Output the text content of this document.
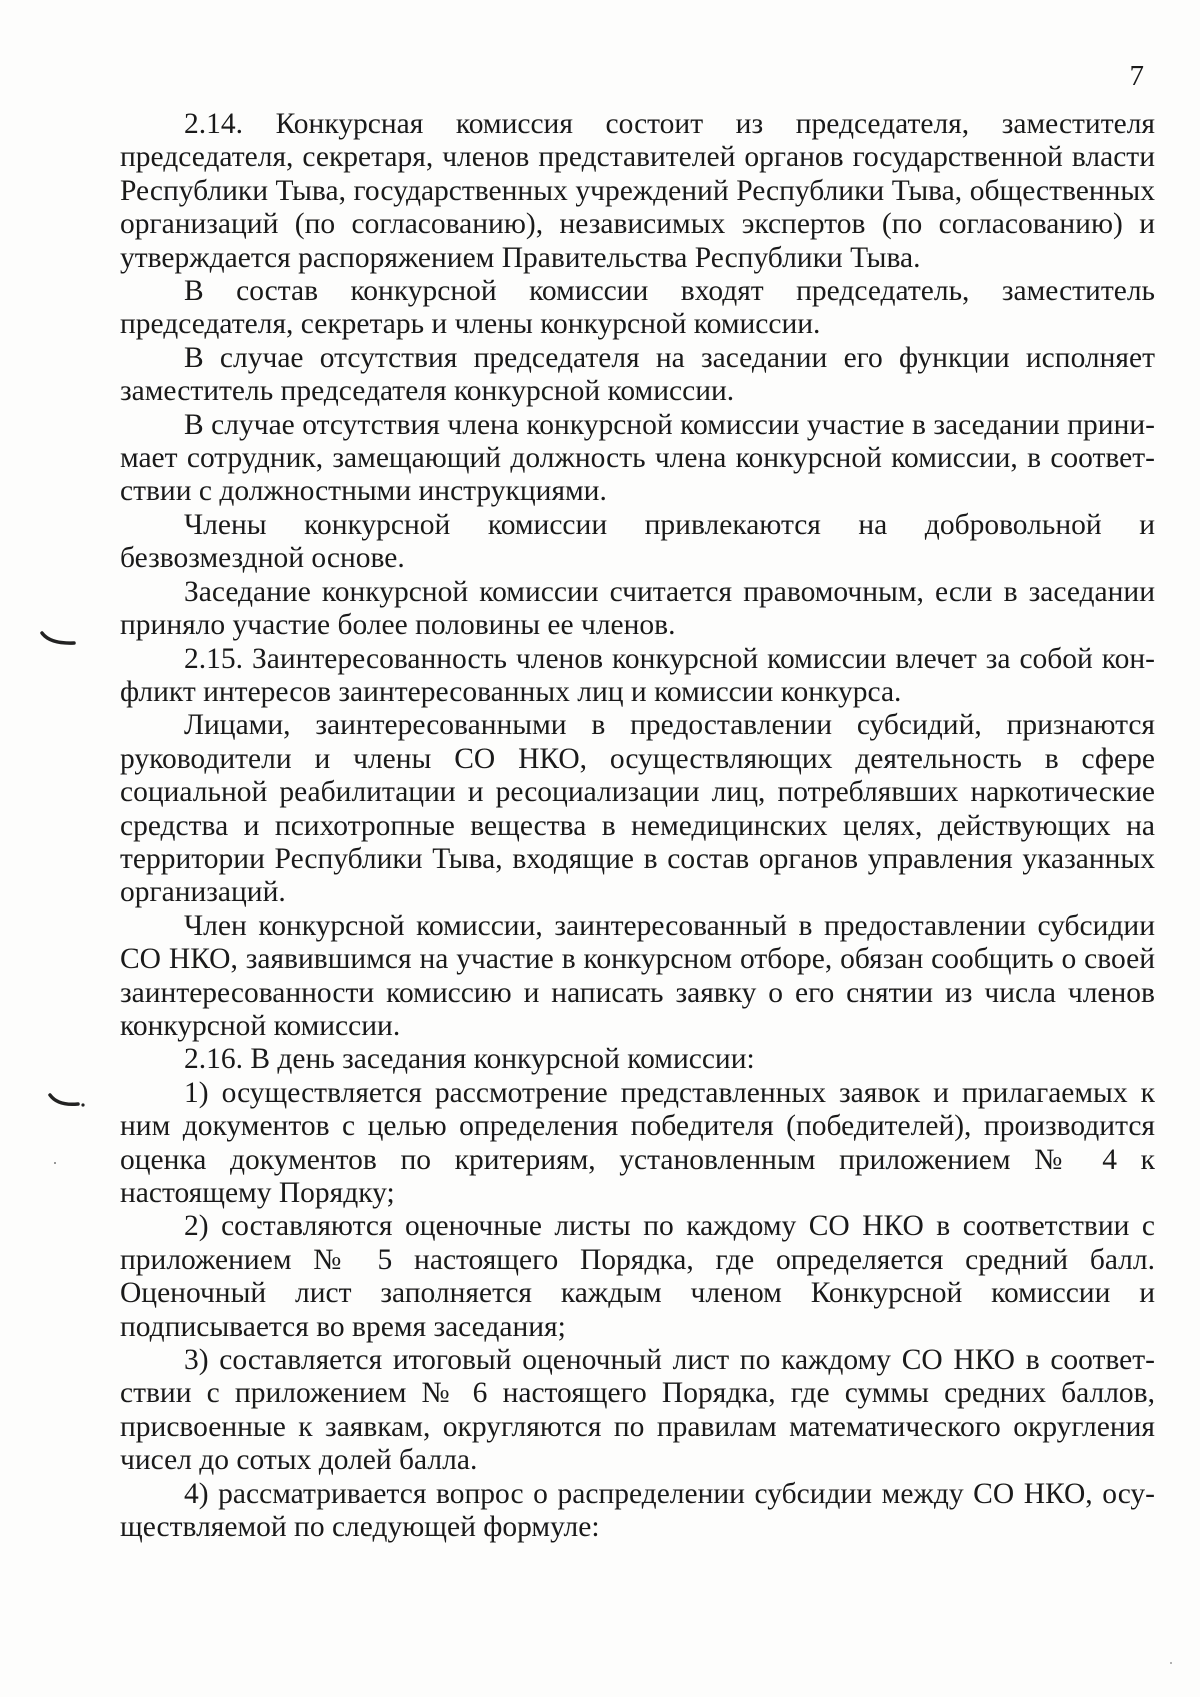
7

2.14. Конкурсная комиссия состоит из председателя, заместителя председателя, секретаря, членов представителей органов государственной власти Республики Тыва, государственных учреждений Республики Тыва, общественных организаций (по согласованию), независимых экспертов (по согласованию) и утверждается распоряжением Правительства Республики Тыва.

В состав конкурсной комиссии входят председатель, заместитель председателя, секретарь и члены конкурсной комиссии.

В случае отсутствия председателя на заседании его функции исполняет заместитель председателя конкурсной комиссии.

В случае отсутствия члена конкурсной комиссии участие в заседании принимает сотрудник, замещающий должность члена конкурсной комиссии, в соответствии с должностными инструкциями.

Члены конкурсной комиссии привлекаются на добровольной и безвозмездной основе.

Заседание конкурсной комиссии считается правомочным, если в заседании приняло участие более половины ее членов.

2.15. Заинтересованность членов конкурсной комиссии влечет за собой конфликт интересов заинтересованных лиц и комиссии конкурса.

Лицами, заинтересованными в предоставлении субсидий, признаются руководители и члены СО НКО, осуществляющих деятельность в сфере социальной реабилитации и ресоциализации лиц, потреблявших наркотические средства и психотропные вещества в немедицинских целях, действующих на территории Республики Тыва, входящие в состав органов управления указанных организаций.

Член конкурсной комиссии, заинтересованный в предоставлении субсидии СО НКО, заявившимся на участие в конкурсном отборе, обязан сообщить о своей заинтересованности комиссию и написать заявку о его снятии из числа членов конкурсной комиссии.

2.16. В день заседания конкурсной комиссии:

1) осуществляется рассмотрение представленных заявок и прилагаемых к ним документов с целью определения победителя (победителей), производится оценка документов по критериям, установленным приложением № 4 к настоящему Порядку;

2) составляются оценочные листы по каждому СО НКО в соответствии с приложением № 5 настоящего Порядка, где определяется средний балл. Оценочный лист заполняется каждым членом Конкурсной комиссии и подписывается во время заседания;

3) составляется итоговый оценочный лист по каждому СО НКО в соответствии с приложением № 6 настоящего Порядка, где суммы средних баллов, присвоенные к заявкам, округляются по правилам математического округления чисел до сотых долей балла.

4) рассматривается вопрос о распределении субсидии между СО НКО, осуществляемой по следующей формуле:
